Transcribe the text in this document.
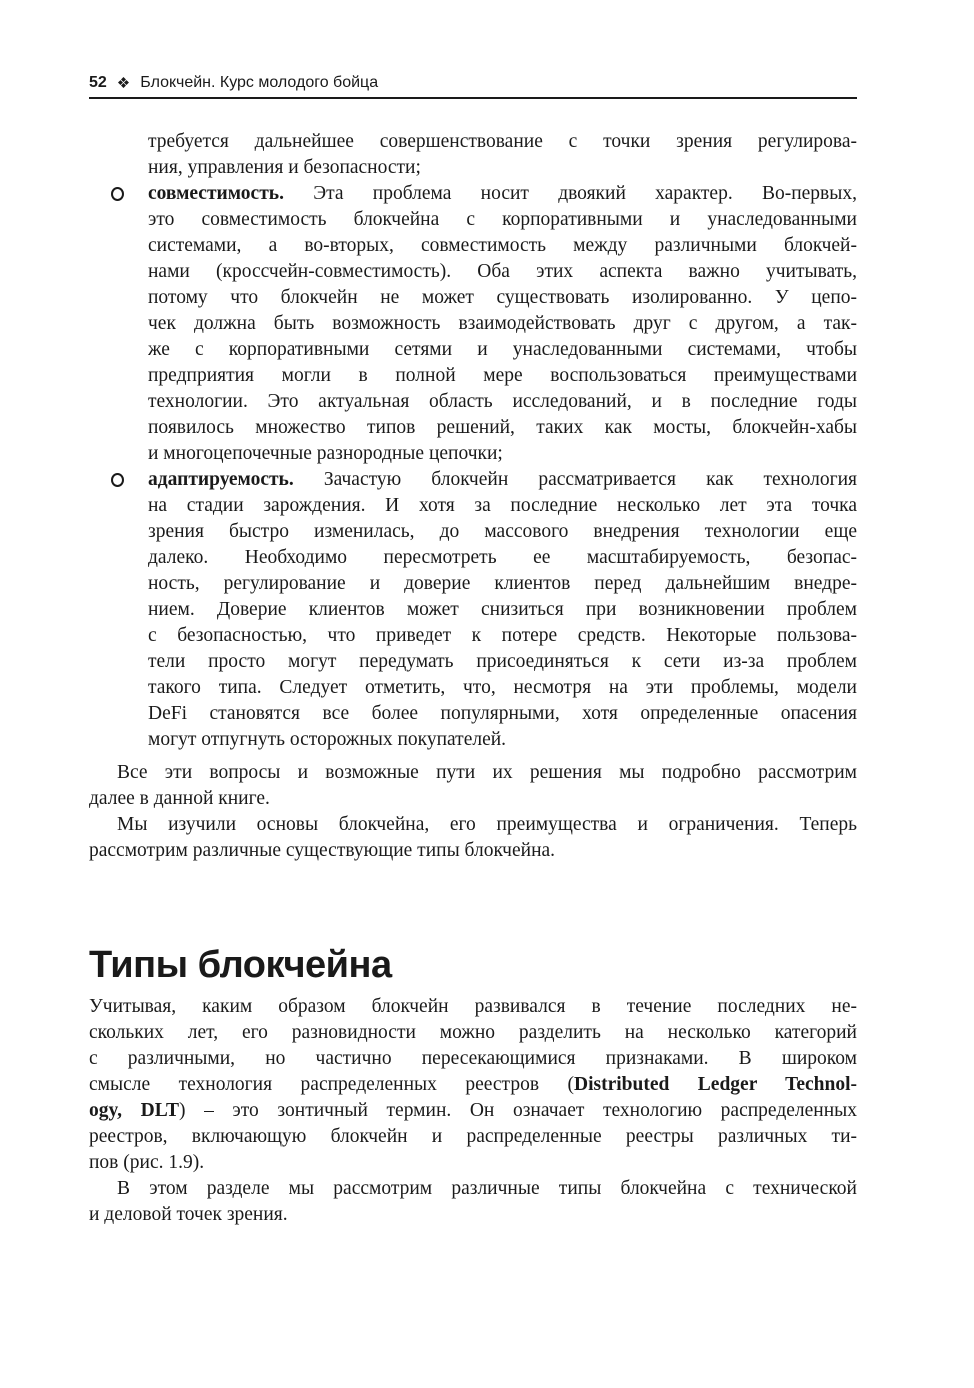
52 ❖ Блокчейн. Курс молодого бойца
требуется дальнейшее совершенствование с точки зрения регулирова-
ния, управления и безопасности;
совместимость. Эта проблема носит двоякий характер. Во-первых,
это совместимость блокчейна с корпоративными и унаследованными
системами, а во-вторых, совместимость между различными блокчей-
нами (кроссчейн-совместимость). Оба этих аспекта важно учитывать,
потому что блокчейн не может существовать изолированно. У цепо-
чек должна быть возможность взаимодействовать друг с другом, а так-
же с корпоративными сетями и унаследованными системами, чтобы
предприятия могли в полной мере воспользоваться преимуществами
технологии. Это актуальная область исследований, и в последние годы
появилось множество типов решений, таких как мосты, блокчейн-хабы
и многоцепочечные разнородные цепочки;
адаптируемость. Зачастую блокчейн рассматривается как технология
на стадии зарождения. И хотя за последние несколько лет эта точка
зрения быстро изменилась, до массового внедрения технологии еще
далеко. Необходимо пересмотреть ее масштабируемость, безопас-
ность, регулирование и доверие клиентов перед дальнейшим внедре-
нием. Доверие клиентов может снизиться при возникновении проблем
с безопасностью, что приведет к потере средств. Некоторые пользова-
тели просто могут передумать присоединяться к сети из-за проблем
такого типа. Следует отметить, что, несмотря на эти проблемы, модели
DeFi становятся все более популярными, хотя определенные опасения
могут отпугнуть осторожных покупателей.
Все эти вопросы и возможные пути их решения мы подробно рассмотрим
далее в данной книге.
Мы изучили основы блокчейна, его преимущества и ограничения. Теперь
рассмотрим различные существующие типы блокчейна.
Типы блокчейна
Учитывая, каким образом блокчейн развивался в течение последних не-
скольких лет, его разновидности можно разделить на несколько категорий
с различными, но частично пересекающимися признаками. В широком
смысле технология распределенных реестров (Distributed Ledger Technol-
ogy, DLT) – это зонтичный термин. Он означает технологию распределенных
реестров, включающую блокчейн и распределенные реестры различных ти-
пов (рис. 1.9).
В этом разделе мы рассмотрим различные типы блокчейна с технической
и деловой точек зрения.
